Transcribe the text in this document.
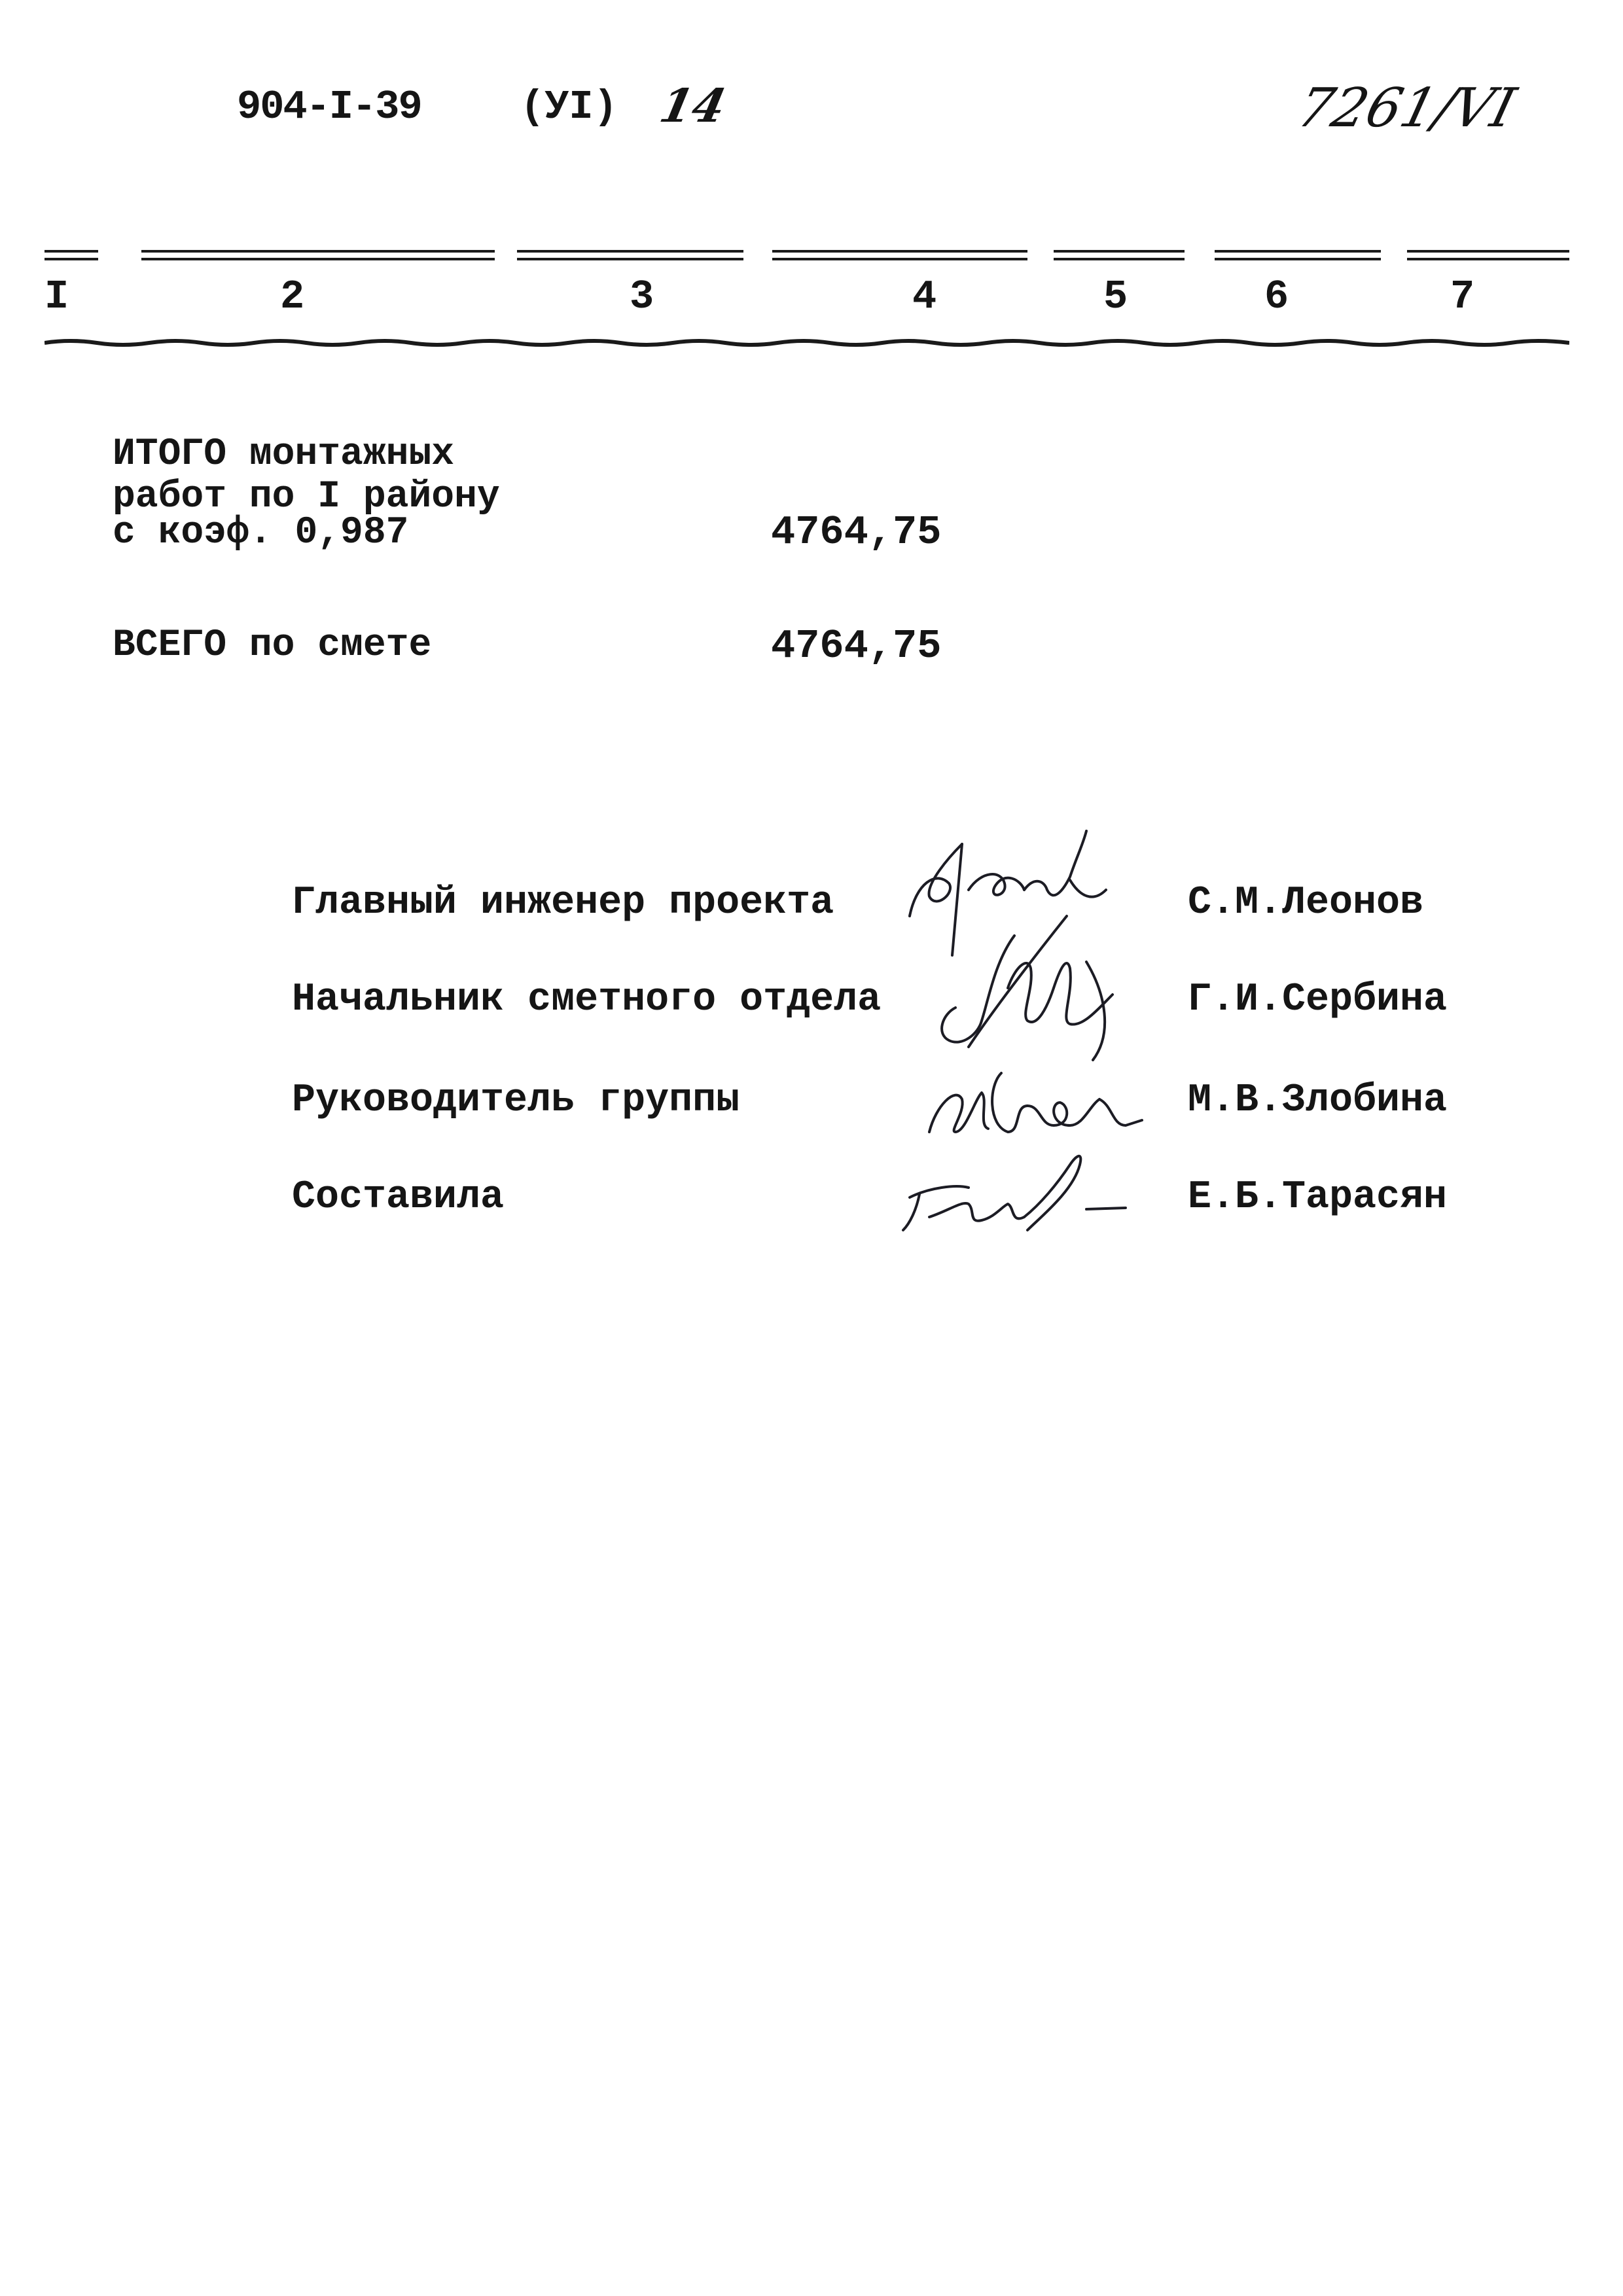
904-I-39 (УI) 14	7261/VI
I	2	3	4	5	6	7
ИТОГО монтажных
работ по I району
с коэф. 0,987	4764,75
ВСЕГО по смете	4764,75
Главный инженер проекта	С.М.Леонов
Начальник сметного отдела	Г.И.Сербина
Руководитель группы	М.В.Злобина
Составила	Е.Б.Тарасян
